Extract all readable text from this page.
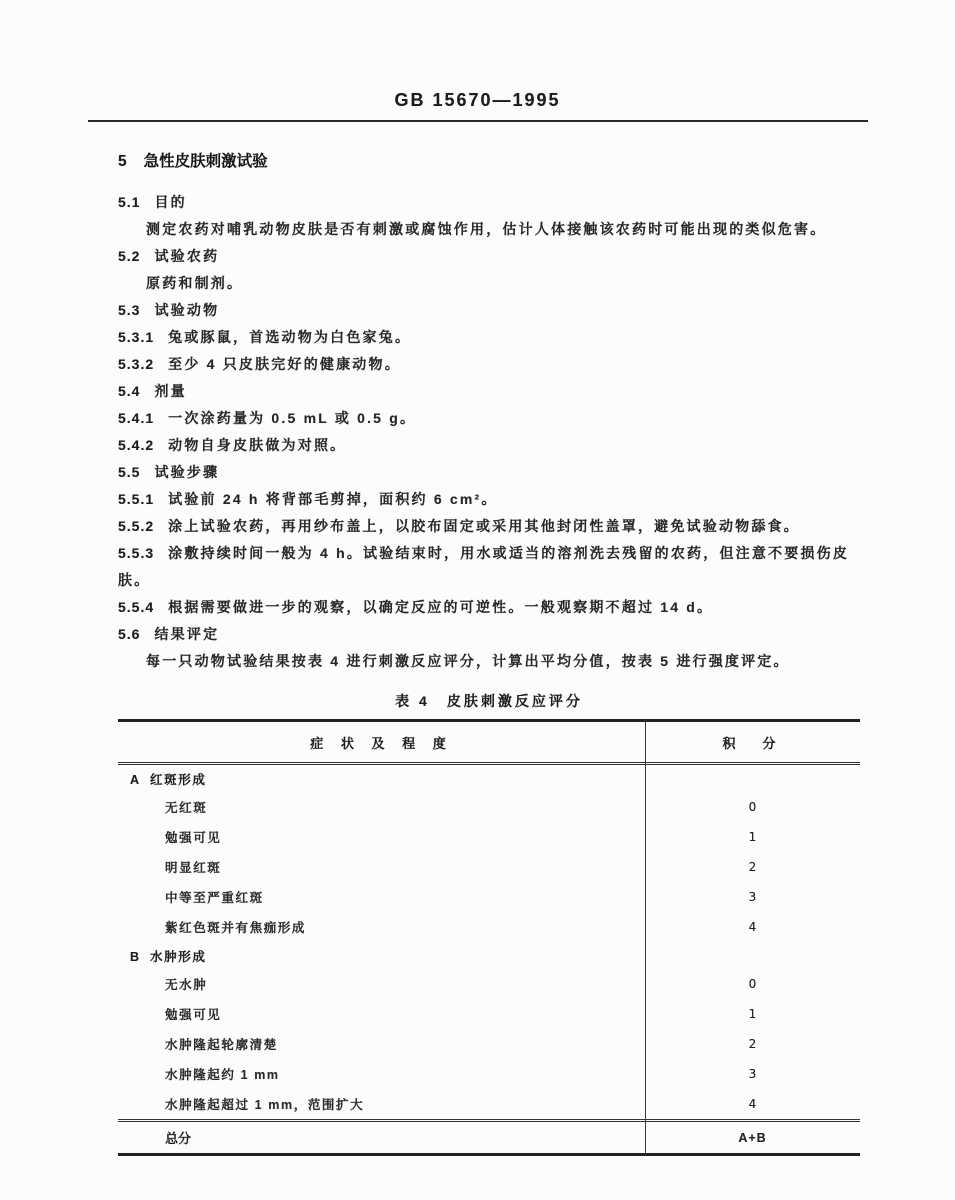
GB 15670—1995
5 急性皮肤刺激试验

5.1 目的

测定农药对哺乳动物皮肤是否有刺激或腐蚀作用，估计人体接触该农药时可能出现的类似危害。

5.2 试验农药

原药和制剂。

5.3 试验动物

5.3.1 兔或豚鼠，首选动物为白色家兔。

5.3.2 至少 4 只皮肤完好的健康动物。

5.4 剂量

5.4.1 一次涂药量为 0.5 mL 或 0.5 g。

5.4.2 动物自身皮肤做为对照。

5.5 试验步骤

5.5.1 试验前 24 h 将背部毛剪掉，面积约 6 cm²。

5.5.2 涂上试验农药，再用纱布盖上，以胶布固定或采用其他封闭性盖罩，避免试验动物舔食。

5.5.3 涂敷持续时间一般为 4 h。试验结束时，用水或适当的溶剂洗去残留的农药，但注意不要损伤皮肤。

5.5.4 根据需要做进一步的观察，以确定反应的可逆性。一般观察期不超过 14 d。

5.6 结果评定

每一只动物试验结果按表 4 进行刺激反应评分，计算出平均分值，按表 5 进行强度评定。

表 4　皮肤刺激反应评分
症 状 及 程 度	积　分
A 红斑形成
无红斑	0
勉强可见	1
明显红斑	2
中等至严重红斑	3
紫红色斑并有焦痂形成	4
B 水肿形成
无水肿	0
勉强可见	1
水肿隆起轮廓清楚	2
水肿隆起约 1 mm	3
水肿隆起超过 1 mm，范围扩大	4
总分	A+B
